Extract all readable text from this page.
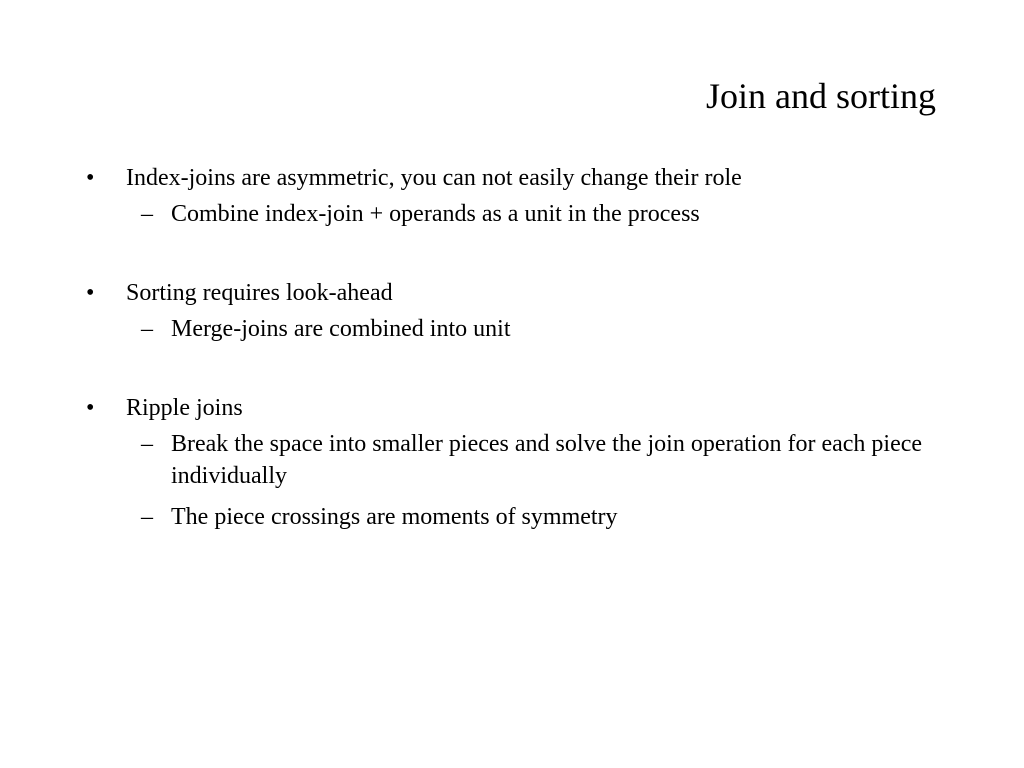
Join and sorting

•	Index-joins are asymmetric, you can not easily change their role

– Combine index-join + operands as a unit in the process

•	Sorting requires look-ahead

– Merge-joins are combined into unit

•	Ripple joins

– Break the space into smaller pieces and solve the join operation for each piece individually

– The piece crossings are moments of symmetry
